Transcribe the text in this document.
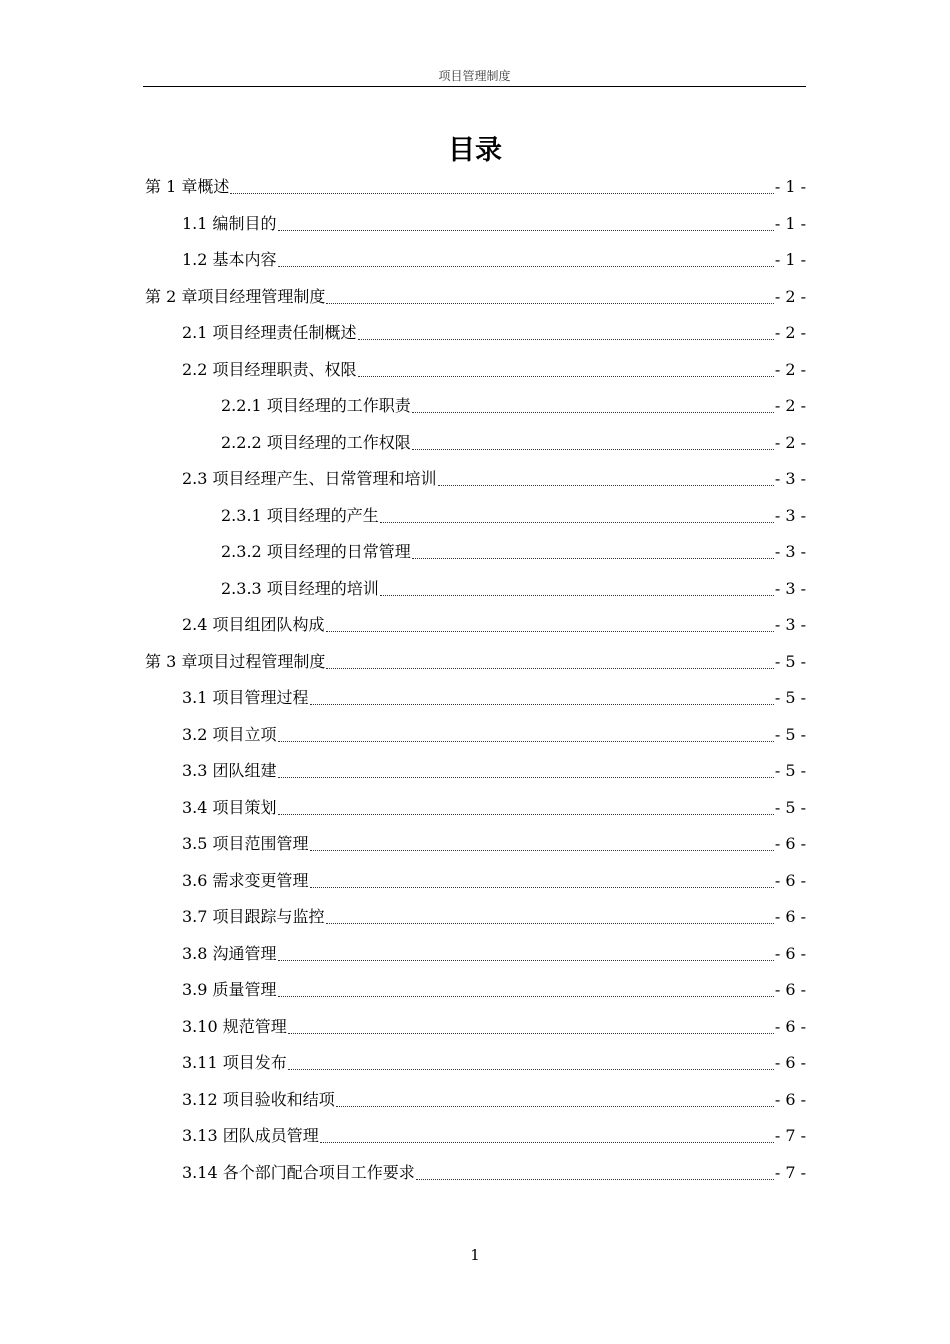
项目管理制度
目录
第 1 章概述	- 1 -
1.1 编制目的	- 1 -
1.2 基本内容	- 1 -
第 2 章项目经理管理制度	- 2 -
2.1 项目经理责任制概述	- 2 -
2.2 项目经理职责、权限	- 2 -
2.2.1 项目经理的工作职责	- 2 -
2.2.2 项目经理的工作权限	- 2 -
2.3 项目经理产生、日常管理和培训	- 3 -
2.3.1 项目经理的产生	- 3 -
2.3.2 项目经理的日常管理	- 3 -
2.3.3 项目经理的培训	- 3 -
2.4 项目组团队构成	- 3 -
第 3 章项目过程管理制度	- 5 -
3.1 项目管理过程	- 5 -
3.2 项目立项	- 5 -
3.3 团队组建	- 5 -
3.4 项目策划	- 5 -
3.5 项目范围管理	- 6 -
3.6 需求变更管理	- 6 -
3.7 项目跟踪与监控	- 6 -
3.8 沟通管理	- 6 -
3.9 质量管理	- 6 -
3.10 规范管理	- 6 -
3.11 项目发布	- 6 -
3.12 项目验收和结项	- 6 -
3.13 团队成员管理	- 7 -
3.14 各个部门配合项目工作要求	- 7 -
1
